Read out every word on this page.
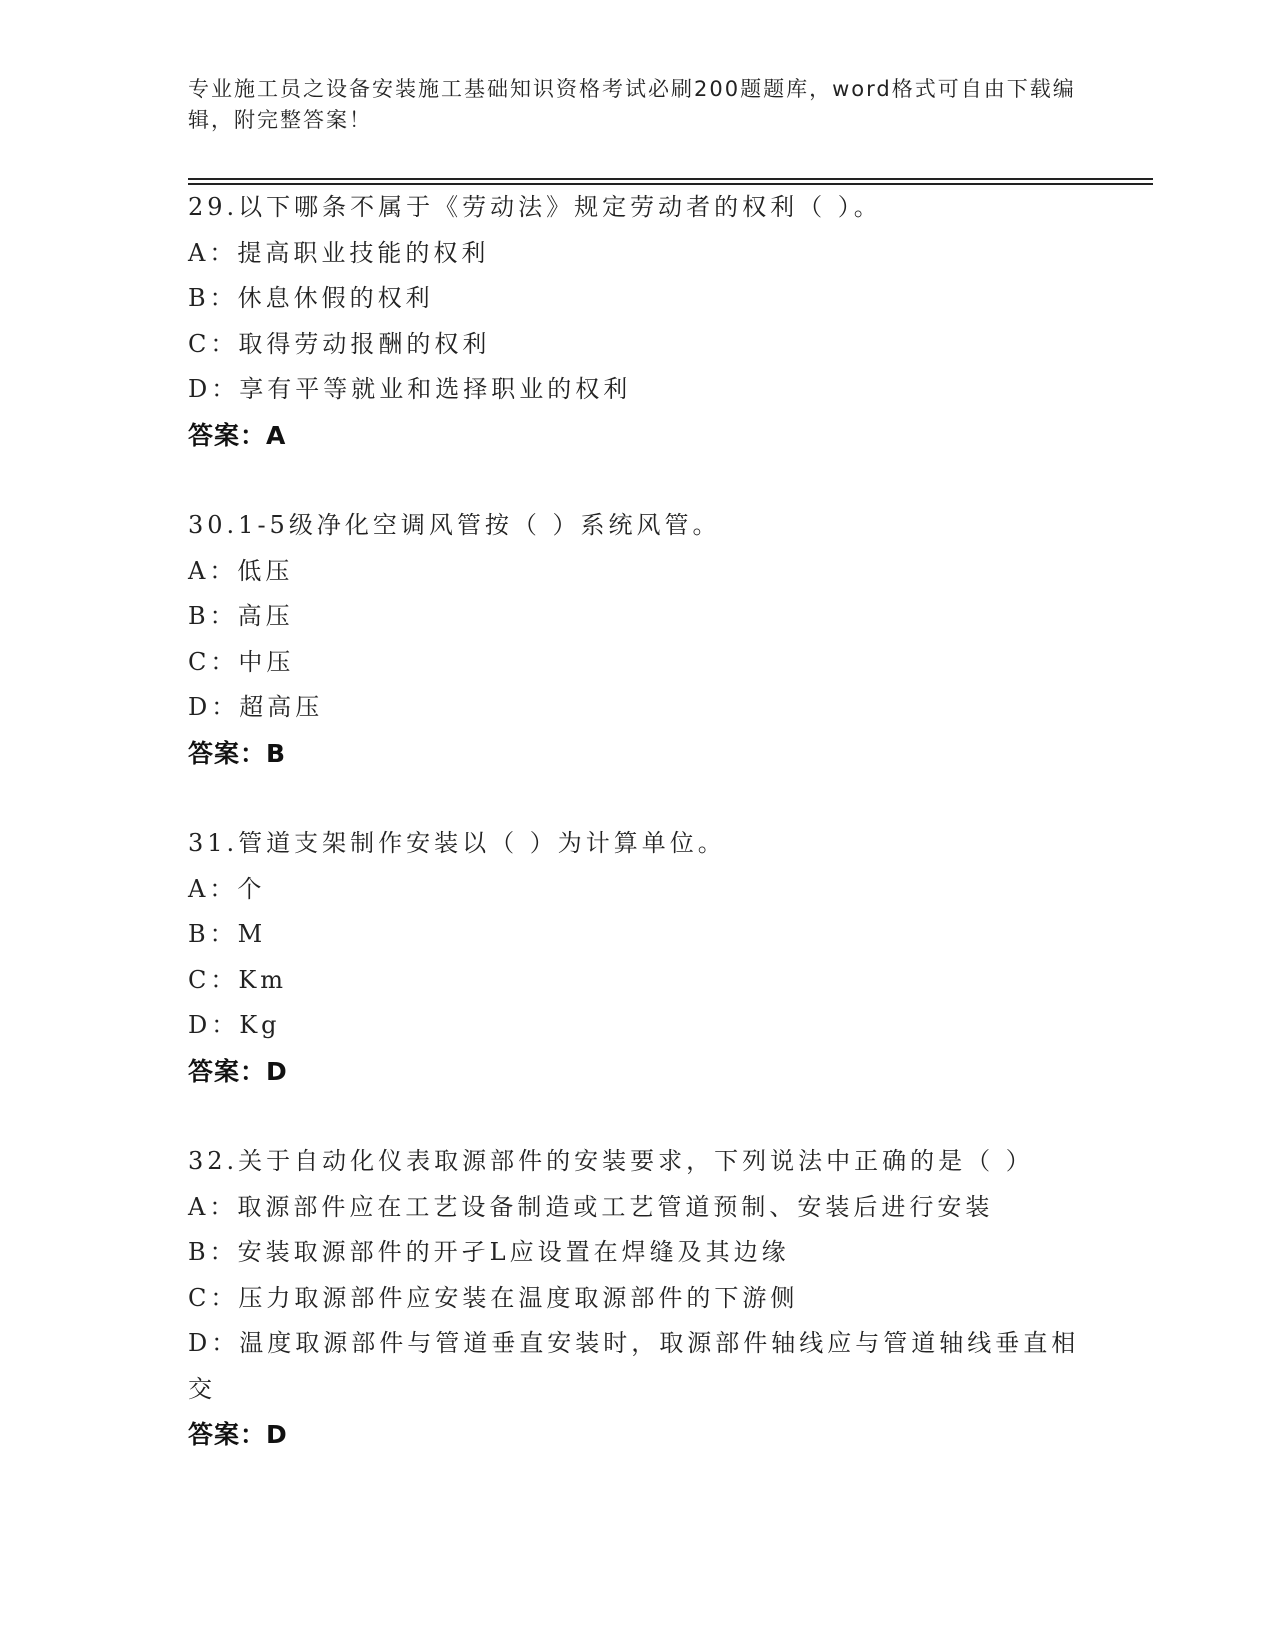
专业施工员之设备安装施工基础知识资格考试必刷200题题库，word格式可自由下载编辑，附完整答案！
29.以下哪条不属于《劳动法》规定劳动者的权利（ ）。
A：提高职业技能的权利
B：休息休假的权利
C：取得劳动报酬的权利
D：享有平等就业和选择职业的权利
答案：A
30.1-5级净化空调风管按（ ）系统风管。
A：低压
B：高压
C：中压
D：超高压
答案：B
31.管道支架制作安装以（ ）为计算单位。
A：个
B：M
C：Km
D：Kg
答案：D
32.关于自动化仪表取源部件的安装要求，下列说法中正确的是（ ）
A：取源部件应在工艺设备制造或工艺管道预制、安装后进行安装
B：安装取源部件的开孑L应设置在焊缝及其边缘
C：压力取源部件应安装在温度取源部件的下游侧
D：温度取源部件与管道垂直安装时，取源部件轴线应与管道轴线垂直相交
答案：D
